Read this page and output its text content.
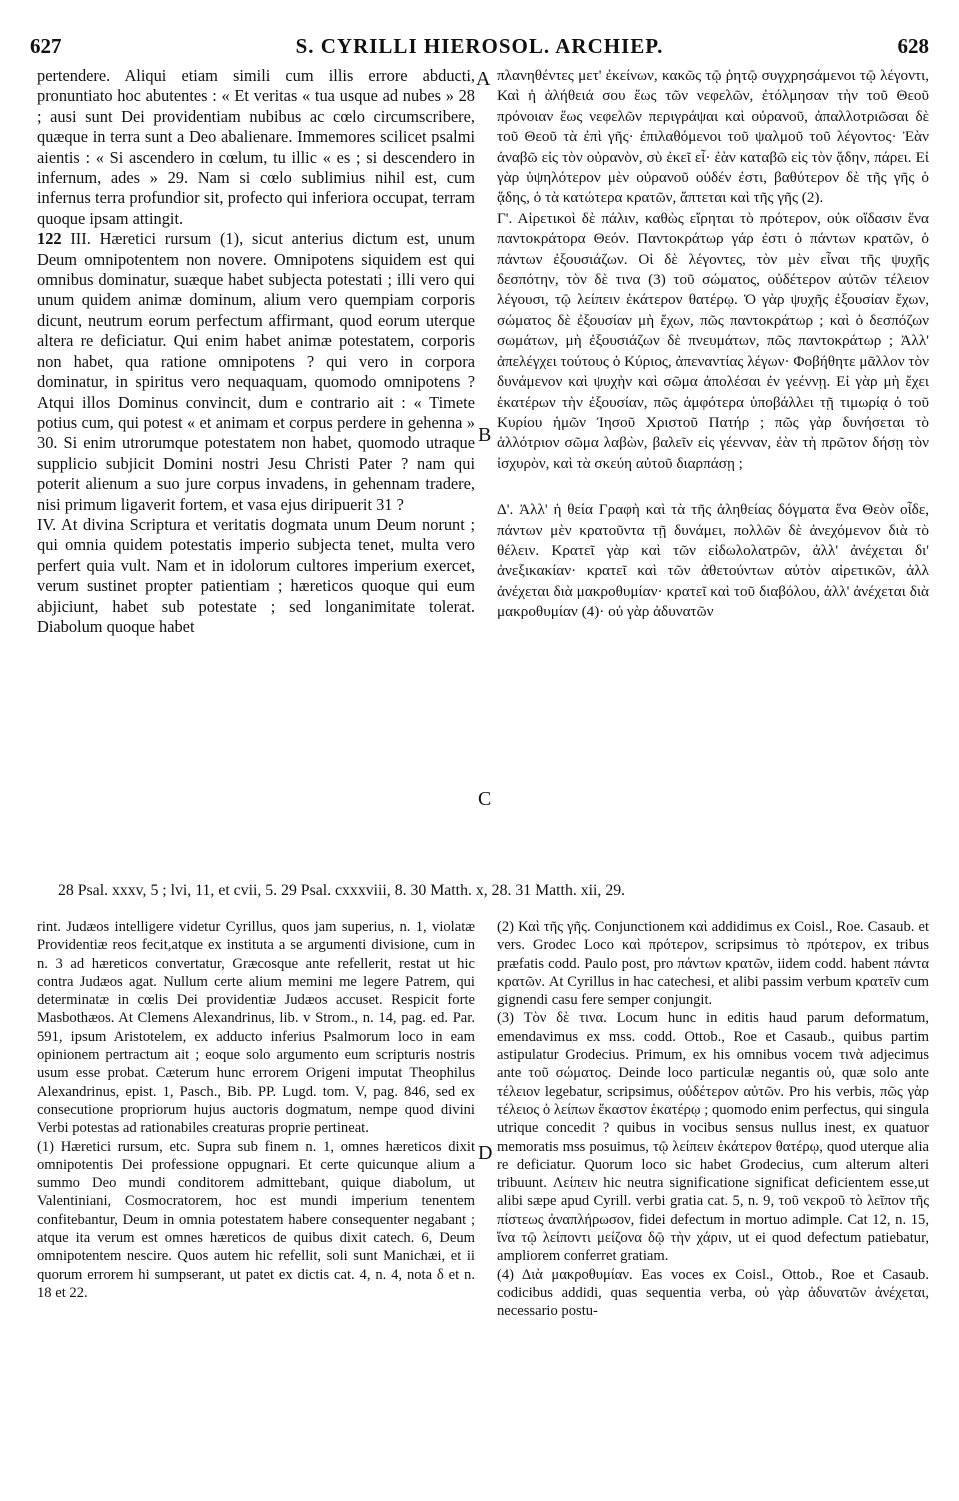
627	S. CYRILLI HIEROSOL. ARCHIEP.	628

pertendere. Aliqui etiam simili cum illis errore abducti, pronuntiato hoc abutentes : « Et veritas « tua usque ad nubes » 28 ; ausi sunt Dei providentiam nubibus ac cœlo circumscribere, quæque in terra sunt a Deo abalienare. Immemores scilicet psalmi aientis : « Si ascendero in cœlum, tu illic « es ; si descendero in infernum, ades » 29. Nam si cœlo sublimius nihil est, cum infernus terra profundior sit, profecto qui inferiora occupat, terram quoque ipsam attingit.

122 III. Hæretici rursum (1), sicut anterius dictum est, unum Deum omnipotentem non novere. Omnipotens siquidem est qui omnibus dominatur, suæque habet subjecta potestati ; illi vero qui unum quidem animæ dominum, alium vero quempiam corporis dicunt, neutrum eorum perfectum affirmant, quod eorum uterque altera re deficiatur. Qui enim habet animæ potestatem, corporis non habet, qua ratione omnipotens ? qui vero in corpora dominatur, in spiritus vero nequaquam, quomodo omnipotens ? Atqui illos Dominus convincit, dum e contrario ait : « Timete potius cum, qui potest « et animam et corpus perdere in gehenna » 30. Si enim utrorumque potestatem non habet, quomodo utraque supplicio subjicit Domini nostri Jesu Christi Pater ? nam qui poterit alienum a suo jure corpus invadens, in gehennam tradere, nisi primum ligaverit fortem, et vasa ejus diripuerit 31 ?

IV. At divina Scriptura et veritatis dogmata unum Deum norunt ; qui omnia quidem potestatis imperio subjecta tenet, multa vero perfert quia vult. Nam et in idolorum cultores imperium exercet, verum sustinet propter patientiam ; hæreticos quoque qui eum abjiciunt, habet sub potestate ; sed longanimitate tolerat. Diabolum quoque habet

A
B
C
D

πλανηθέντες μετ' ἐκείνων, κακῶς τῷ ῥητῷ συγχρησάμενοι τῷ λέγοντι, Καὶ ἡ ἀλήθειά σου ἕως τῶν νεφελῶν, ἐτόλμησαν τὴν τοῦ Θεοῦ πρόνοιαν ἕως νεφελῶν περιγράψαι καὶ οὐρανοῦ, ἀπαλλοτριῶσαι δὲ τοῦ Θεοῦ τὰ ἐπὶ γῆς· ἐπιλαθόμενοι τοῦ ψαλμοῦ τοῦ λέγοντος· Ἐὰν ἀναβῶ εἰς τὸν οὐρανὸν, σὺ ἐκεῖ εἶ· ἐὰν καταβῶ εἰς τὸν ᾅδην, πάρει. Εἰ γὰρ ὑψηλότερον μὲν οὐρανοῦ οὐδέν ἐστι, βαθύτερον δὲ τῆς γῆς ὁ ᾅδης, ὁ τὰ κατώτερα κρατῶν, ἅπτεται καὶ τῆς γῆς (2).

Γ'. Αἱρετικοὶ δὲ πάλιν, καθὼς εἴρηται τὸ πρότερον, οὐκ οἴδασιν ἕνα παντοκράτορα Θεόν. Παντοκράτωρ γάρ ἐστι ὁ πάντων κρατῶν, ὁ πάντων ἐξουσιάζων. Οἱ δὲ λέγοντες, τὸν μὲν εἶναι τῆς ψυχῆς δεσπότην, τὸν δὲ τινα (3) τοῦ σώματος, οὐδέτερον αὐτῶν τέλειον λέγουσι, τῷ λείπειν ἑκάτερον θατέρῳ. Ὁ γὰρ ψυχῆς ἐξουσίαν ἔχων, σώματος δὲ ἐξουσίαν μὴ ἔχων, πῶς παντοκράτωρ ; καὶ ὁ δεσπόζων σωμάτων, μὴ ἐξουσιάζων δὲ πνευμάτων, πῶς παντοκράτωρ ; Ἀλλ' ἀπελέγχει τούτους ὁ Κύριος, ἀπεναντίας λέγων· Φοβήθητε μᾶλλον τὸν δυνάμενον καὶ ψυχὴν καὶ σῶμα ἀπολέσαι ἐν γεέννῃ. Εἰ γὰρ μὴ ἔχει ἑκατέρων τὴν ἐξουσίαν, πῶς ἀμφότερα ὑποβάλλει τῇ τιμωρίᾳ ὁ τοῦ Κυρίου ἡμῶν Ἰησοῦ Χριστοῦ Πατήρ ; πῶς γὰρ δυνήσεται τὸ ἀλλότριον σῶμα λαβὼν, βαλεῖν εἰς γέενναν, ἐὰν τὴ πρῶτον δήσῃ τὸν ἰσχυρὸν, καὶ τὰ σκεύη αὐτοῦ διαρπάσῃ ;

Δ'. Ἀλλ' ἡ θεία Γραφὴ καὶ τὰ τῆς ἀληθείας δόγματα ἕνα Θεὸν οἶδε, πάντων μὲν κρατοῦντα τῇ δυνάμει, πολλῶν δὲ ἀνεχόμενον διὰ τὸ θέλειν. Κρατεῖ γὰρ καὶ τῶν εἰδωλολατρῶν, ἀλλ' ἀνέχεται δι' ἀνεξικακίαν· κρατεῖ καὶ τῶν ἀθετούντων αὐτὸν αἱρετικῶν, ἀλλ ἀνέχεται διὰ μακροθυμίαν· κρατεῖ καὶ τοῦ διαβόλου, ἀλλ' ἀνέχεται διὰ μακροθυμίαν (4)· οὐ γὰρ ἀδυνατῶν

28 Psal. xxxv, 5 ; lvi, 11, et cvii, 5. 29 Psal. cxxxviii, 8. 30 Matth. x, 28. 31 Matth. xii, 29.

rint. Judæos intelligere videtur Cyrillus, quos jam superius, n. 1, violatæ Providentiæ reos fecit,atque ex instituta a se argumenti divisione, cum in n. 3 ad hæreticos convertatur, Græcosque ante refellerit, restat ut hic contra Judæos agat. Nullum certe alium memini me legere Patrem, qui determinatæ in cœlis Dei providentiæ Judæos accuset. Respicit forte Masbothæos. At Clemens Alexandrinus, lib. v Strom., n. 14, pag. ed. Par. 591, ipsum Aristotelem, ex adducto inferius Psalmorum loco in eam opinionem pertractum ait ; eoque solo argumento eum scripturis nostris usum esse probat. Cæterum hunc errorem Origeni imputat Theophilus Alexandrinus, epist. 1, Pasch., Bib. PP. Lugd. tom. V, pag. 846, sed ex consecutione propriorum hujus auctoris dogmatum, nempe quod divini Verbi potestas ad rationabiles creaturas proprie pertineat.

(1) Hæretici rursum, etc. Supra sub finem n. 1, omnes hæreticos dixit omnipotentis Dei professione oppugnari. Et certe quicunque alium a summo Deo mundi conditorem admittebant, quique diabolum, ut Valentiniani, Cosmocratorem, hoc est mundi imperium tenentem confitebantur, Deum in omnia potestatem habere consequenter negabant ; atque ita verum est omnes hæreticos de quibus dixit catech. 6, Deum omnipotentem nescire. Quos autem hic refellit, soli sunt Manichæi, et ii quorum errorem hi sumpserant, ut patet ex dictis cat. 4, n. 4, nota δ et n. 18 et 22.

(2) Καὶ τῆς γῆς. Conjunctionem καὶ addidimus ex Coisl., Roe. Casaub. et vers. Grodec Loco καὶ πρότερον, scripsimus τὸ πρότερον, ex tribus præfatis codd. Paulo post, pro πάντων κρατῶν, iidem codd. habent πάντα κρατῶν. At Cyrillus in hac catechesi, et alibi passim verbum κρατεῖν cum gignendi casu fere semper conjungit.

(3) Τὸν δὲ τινα. Locum hunc in editis haud parum deformatum, emendavimus ex mss. codd. Ottob., Roe et Casaub., quibus partim astipulatur Grodecius. Primum, ex his omnibus vocem τινὰ adjecimus ante τοῦ σώματος. Deinde loco particulæ negantis οὐ, quæ solo ante τέλειον legebatur, scripsimus, οὐδέτερον αὐτῶν. Pro his verbis, πῶς γὰρ τέλειος ὁ λείπων ἕκαστον ἑκατέρῳ ; quomodo enim perfectus, qui singula utrique concedit ? quibus in vocibus sensus nullus inest, ex quatuor memoratis mss posuimus, τῷ λείπειν ἑκάτερον θατέρῳ, quod uterque alia re deficiatur. Quorum loco sic habet Grodecius, cum alterum alteri tribuunt. Λείπειν hic neutra significatione significat deficientem esse,ut alibi sæpe apud Cyrill. verbi gratia cat. 5, n. 9, τοῦ νεκροῦ τὸ λεῖπον τῆς πίστεως ἀναπλήρωσον, fidei defectum in mortuo adimple. Cat 12, n. 15, ἵνα τῷ λείποντι μείζονα δῷ τὴν χάριν, ut ei quod defectum patiebatur, ampliorem conferret gratiam.

(4) Διὰ μακροθυμίαν. Eas voces ex Coisl., Ottob., Roe et Casaub. codicibus addidi, quas sequentia verba, οὐ γὰρ ἀδυνατῶν ἀνέχεται, necessario postu-
